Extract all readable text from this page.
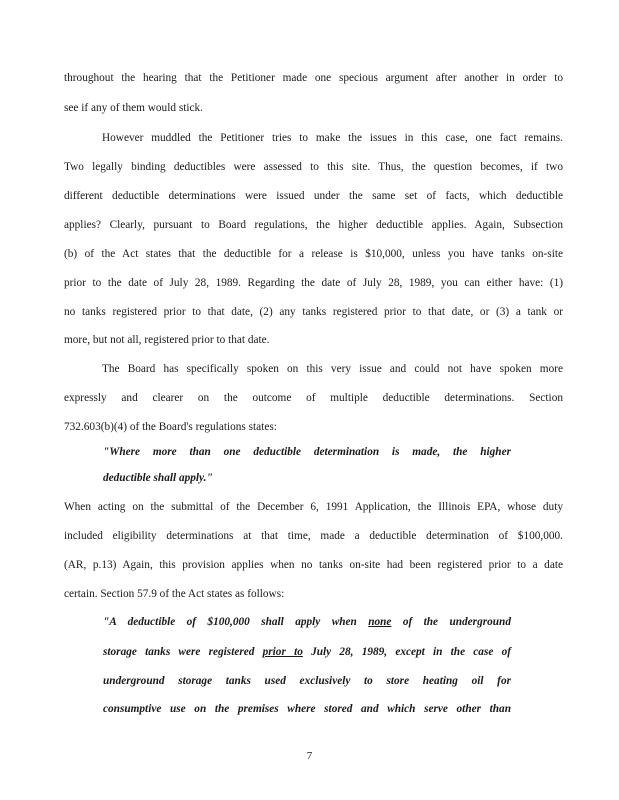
throughout the hearing that the Petitioner made one specious argument after another in order to
see if any of them would stick.
However muddled the Petitioner tries to make the issues in this case, one fact remains.
Two legally binding deductibles were assessed to this site. Thus, the question becomes, if two
different deductible determinations were issued under the same set of facts, which deductible
applies? Clearly, pursuant to Board regulations, the higher deductible applies. Again, Subsection
(b) of the Act states that the deductible for a release is $10,000, unless you have tanks on-site
prior to the date of July 28, 1989. Regarding the date of July 28, 1989, you can either have: (1)
no tanks registered prior to that date, (2) any tanks registered prior to that date, or (3) a tank or
more, but not all, registered prior to that date.
The Board has specifically spoken on this very issue and could not have spoken more
expressly and clearer on the outcome of multiple deductible determinations. Section
732.603(b)(4) of the Board's regulations states:
"Where more than one deductible determination is made, the higher
deductible shall apply."
When acting on the submittal of the December 6, 1991 Application, the Illinois EPA, whose duty
included eligibility determinations at that time, made a deductible determination of $100,000.
(AR, p.13) Again, this provision applies when no tanks on-site had been registered prior to a date
certain. Section 57.9 of the Act states as follows:
"A deductible of $100,000 shall apply when none of the underground
storage tanks were registered prior to July 28, 1989, except in the case of
underground storage tanks used exclusively to store heating oil for
consumptive use on the premises where stored and which serve other than
7
